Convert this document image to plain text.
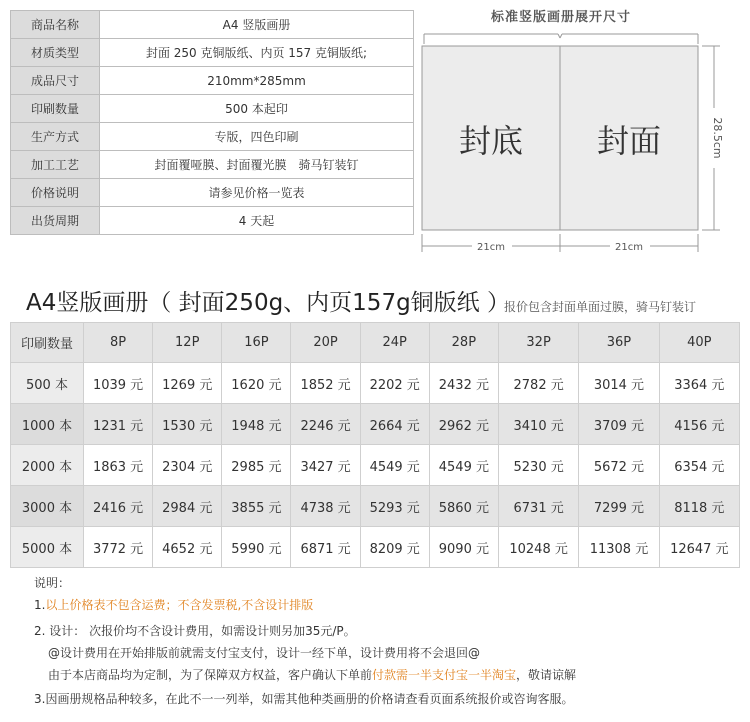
商品名称	A4 竖版画册
材质类型	封面 250 克铜版纸、内页 157 克铜版纸;
成品尺寸	210mm*285mm
印刷数量	500 本起印
生产方式	专版，四色印刷
加工工艺	封面覆哑膜、封面覆光膜　骑马钉装钉
价格说明	请参见价格一览表
出货周期	4 天起
标准竖版画册展开尺寸
封底 封面
21cm	21cm
28.5cm
A4竖版画册（ 封面250g、内页157g铜版纸 ）
报价包含封面单面过膜，骑马钉装订
印刷数量	8P	12P	16P	20P	24P	28P	32P	36P	40P
500 本	1039 元	1269 元	1620 元	1852 元	2202 元	2432 元	2782 元	3014 元	3364 元
1000 本	1231 元	1530 元	1948 元	2246 元	2664 元	2962 元	3410 元	3709 元	4156 元
2000 本	1863 元	2304 元	2985 元	3427 元	4549 元	4549 元	5230 元	5672 元	6354 元
3000 本	2416 元	2984 元	3855 元	4738 元	5293 元	5860 元	6731 元	7299 元	8118 元
5000 本	3772 元	4652 元	5990 元	6871 元	8209 元	9090 元	10248 元	11308 元	12647 元
说明：
1.以上价格表不包含运费；不含发票税,不含设计排版
2. 设计： 次报价均不含设计费用，如需设计则另加35元/P。
@设计费用在开始排版前就需支付宝支付，设计一经下单，设计费用将不会退回@
由于本店商品均为定制，为了保障双方权益，客户确认下单前付款需一半支付宝一半淘宝，敬请谅解
3.因画册规格品种较多，在此不一一列举，如需其他种类画册的价格请查看页面系统报价或咨询客服。
